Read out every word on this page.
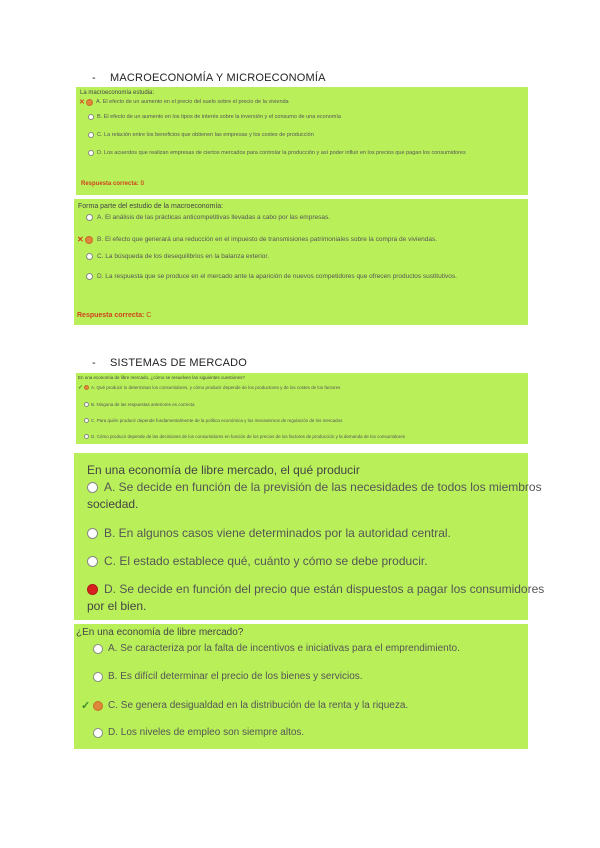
- MACROECONOMÍA Y MICROECONOMÍA
La macroeconomía estudia:
✕ A. El efecto de un aumento en el precio del suelo sobre el precio de la vivienda
B. El efecto de un aumento en los tipos de interés sobre la inversión y el consumo de una economía
C. La relación entre los beneficios que obtienen las empresas y los costes de producción
D. Los acuerdos que realizan empresas de ciertos mercados para controlar la producción y así poder influir en los precios que pagan los consumidores
Respuesta correcta: B
Forma parte del estudio de la macroeconomía:
A. El análisis de las prácticas anticompetitivas llevadas a cabo por las empresas.
✕ B. El efecto que generará una reducción en el impuesto de transmisiones patrimoniales sobre la compra de viviendas.
C. La búsqueda de los desequilibrios en la balanza exterior.
D. La respuesta que se produce en el mercado ante la aparición de nuevos competidores que ofrecen productos sustitutivos.
Respuesta correcta: C
- SISTEMAS DE MERCADO
En una economía de libre mercado, ¿cómo se resuelven las siguientes cuestiones?
✓ A. Qué producir lo determinan los consumidores, y cómo producir depende de los productores y de los costes de los factores
B. Ninguna de las respuestas anteriores es correcta
C. Para quién producir depende fundamentalmente de la política económica y los mecanismos de regulación de los mercados
D. Cómo producir depende de las decisiones de los consumidores en función de los precios de los factores de producción y la demanda de los consumidores
En una economía de libre mercado, el qué producir
A. Se decide en función de la previsión de las necesidades de todos los miembros
sociedad.
B. En algunos casos viene determinados por la autoridad central.
C. El estado establece qué, cuánto y cómo se debe producir.
D. Se decide en función del precio que están dispuestos a pagar los consumidores
por el bien.
¿En una economía de libre mercado?
A. Se caracteriza por la falta de incentivos e iniciativas para el emprendimiento.
B. Es difícil determinar el precio de los bienes y servicios.
✓ C. Se genera desigualdad en la distribución de la renta y la riqueza.
D. Los niveles de empleo son siempre altos.
